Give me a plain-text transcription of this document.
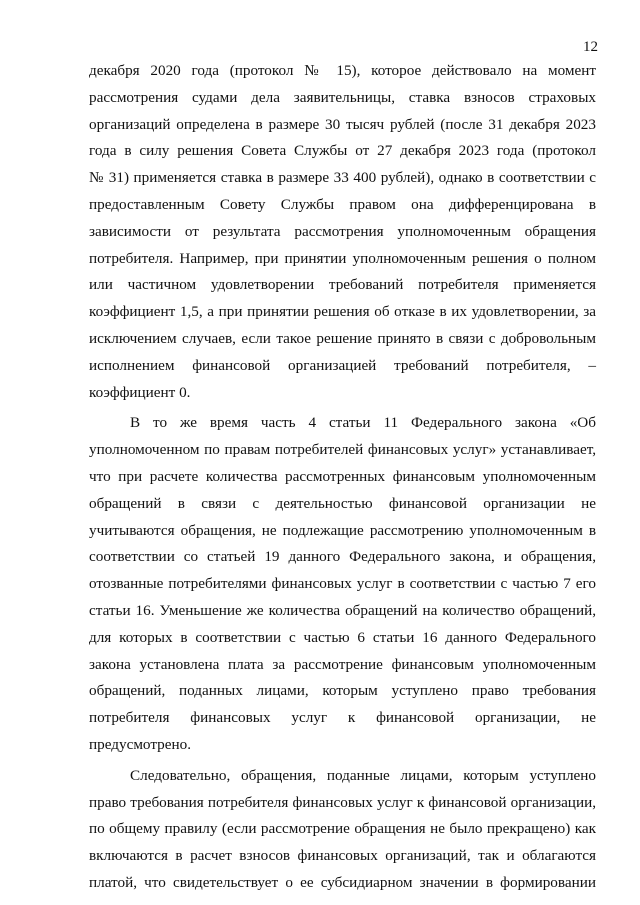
12
декабря 2020 года (протокол № 15), которое действовало на момент
рассмотрения судами дела заявительницы, ставка взносов страховых
организаций определена в размере 30 тысяч рублей (после 31 декабря 2023
года в силу решения Совета Службы от 27 декабря 2023 года (протокол
№ 31) применяется ставка в размере 33 400 рублей), однако в соответствии с
предоставленным Совету Службы правом она дифференцирована в
зависимости от результата рассмотрения уполномоченным обращения
потребителя. Например, при принятии уполномоченным решения о полном
или частичном удовлетворении требований потребителя применяется
коэффициент 1,5, а при принятии решения об отказе в их удовлетворении, за
исключением случаев, если такое решение принято в связи с добровольным
исполнением финансовой организацией требований потребителя, –
коэффициент 0.
В то же время часть 4 статьи 11 Федерального закона «Об
уполномоченном по правам потребителей финансовых услуг» устанавливает,
что при расчете количества рассмотренных финансовым уполномоченным
обращений в связи с деятельностью финансовой организации не
учитываются обращения, не подлежащие рассмотрению уполномоченным в
соответствии со статьей 19 данного Федерального закона, и обращения,
отозванные потребителями финансовых услуг в соответствии с частью 7 его
статьи 16. Уменьшение же количества обращений на количество обращений,
для которых в соответствии с частью 6 статьи 16 данного Федерального
закона установлена плата за рассмотрение финансовым уполномоченным
обращений, поданных лицами, которым уступлено право требования
потребителя финансовых услуг к финансовой организации, не
предусмотрено.
Следовательно, обращения, поданные лицами, которым уступлено
право требования потребителя финансовых услуг к финансовой организации,
по общему правилу (если рассмотрение обращения не было прекращено) как
включаются в расчет взносов финансовых организаций, так и облагаются
платой, что свидетельствует о ее субсидиарном значении в формировании
